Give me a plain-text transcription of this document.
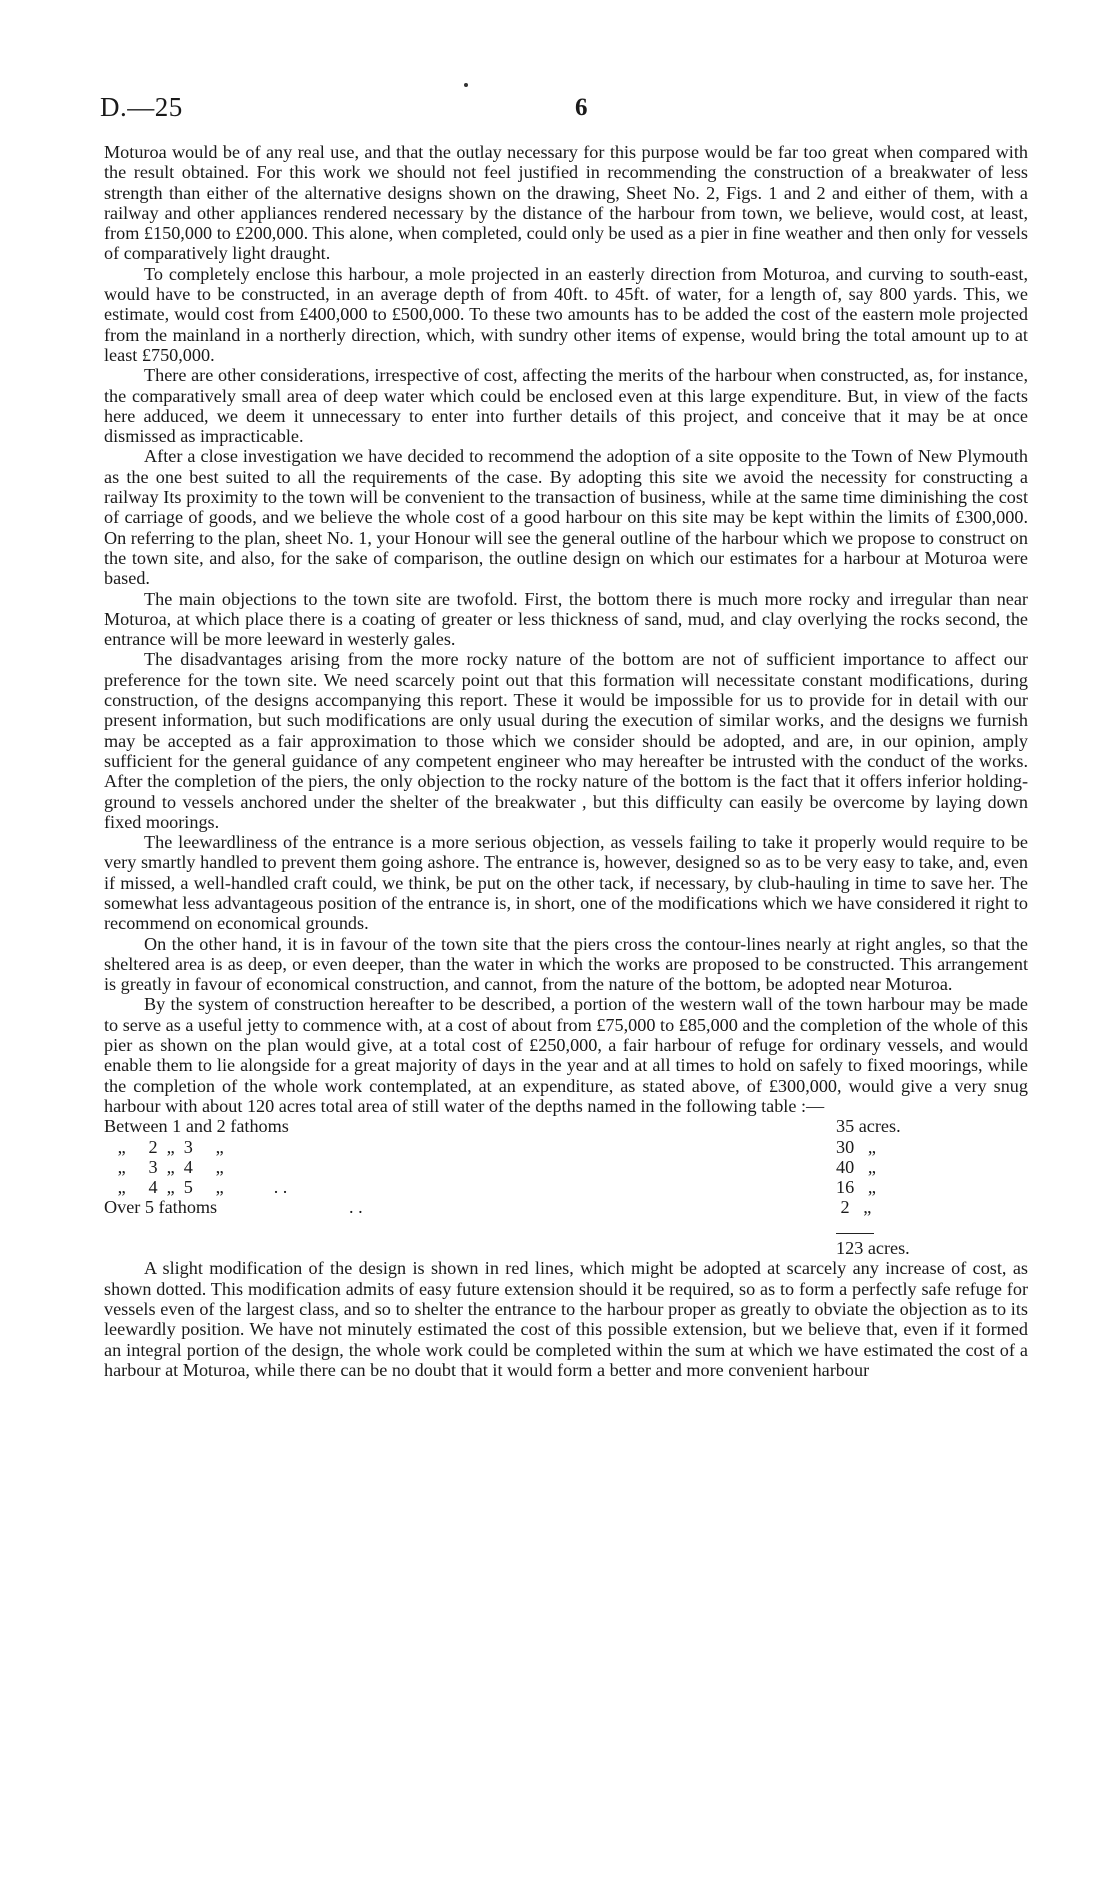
D.—25	6

Moturoa would be of any real use, and that the outlay necessary for this purpose would be far too great when compared with the result obtained. For this work we should not feel justified in recommending the construction of a breakwater of less strength than either of the alternative designs shown on the drawing, Sheet No. 2, Figs. 1 and 2 and either of them, with a railway and other appliances rendered necessary by the distance of the harbour from town, we believe, would cost, at least, from £150,000 to £200,000. This alone, when completed, could only be used as a pier in fine weather and then only for vessels of comparatively light draught.

To completely enclose this harbour, a mole projected in an easterly direction from Moturoa, and curving to south-east, would have to be constructed, in an average depth of from 40ft. to 45ft. of water, for a length of, say 800 yards. This, we estimate, would cost from £400,000 to £500,000. To these two amounts has to be added the cost of the eastern mole projected from the mainland in a northerly direction, which, with sundry other items of expense, would bring the total amount up to at least £750,000.

There are other considerations, irrespective of cost, affecting the merits of the harbour when constructed, as, for instance, the comparatively small area of deep water which could be enclosed even at this large expenditure. But, in view of the facts here adduced, we deem it unnecessary to enter into further details of this project, and conceive that it may be at once dismissed as impracticable.

After a close investigation we have decided to recommend the adoption of a site opposite to the Town of New Plymouth as the one best suited to all the requirements of the case. By adopting this site we avoid the necessity for constructing a railway Its proximity to the town will be convenient to the transaction of business, while at the same time diminishing the cost of carriage of goods, and we believe the whole cost of a good harbour on this site may be kept within the limits of £300,000. On referring to the plan, sheet No. 1, your Honour will see the general outline of the harbour which we propose to construct on the town site, and also, for the sake of comparison, the outline design on which our estimates for a harbour at Moturoa were based.

The main objections to the town site are twofold. First, the bottom there is much more rocky and irregular than near Moturoa, at which place there is a coating of greater or less thickness of sand, mud, and clay overlying the rocks second, the entrance will be more leeward in westerly gales.

The disadvantages arising from the more rocky nature of the bottom are not of sufficient importance to affect our preference for the town site. We need scarcely point out that this formation will necessitate constant modifications, during construction, of the designs accompanying this report. These it would be impossible for us to provide for in detail with our present information, but such modifications are only usual during the execution of similar works, and the designs we furnish may be accepted as a fair approximation to those which we consider should be adopted, and are, in our opinion, amply sufficient for the general guidance of any competent engineer who may hereafter be intrusted with the conduct of the works. After the completion of the piers, the only objection to the rocky nature of the bottom is the fact that it offers inferior holding-ground to vessels anchored under the shelter of the breakwater , but this difficulty can easily be overcome by laying down fixed moorings.

The leewardliness of the entrance is a more serious objection, as vessels failing to take it properly would require to be very smartly handled to prevent them going ashore. The entrance is, however, designed so as to be very easy to take, and, even if missed, a well-handled craft could, we think, be put on the other tack, if necessary, by club-hauling in time to save her. The somewhat less advantageous position of the entrance is, in short, one of the modifications which we have considered it right to recommend on economical grounds.

On the other hand, it is in favour of the town site that the piers cross the contour-lines nearly at right angles, so that the sheltered area is as deep, or even deeper, than the water in which the works are proposed to be constructed. This arrangement is greatly in favour of economical construction, and cannot, from the nature of the bottom, be adopted near Moturoa.

By the system of construction hereafter to be described, a portion of the western wall of the town harbour may be made to serve as a useful jetty to commence with, at a cost of about from £75,000 to £85,000 and the completion of the whole of this pier as shown on the plan would give, at a total cost of £250,000, a fair harbour of refuge for ordinary vessels, and would enable them to lie alongside for a great majority of days in the year and at all times to hold on safely to fixed moorings, while the completion of the whole work contemplated, at an expenditure, as stated above, of £300,000, would give a very snug harbour with about 120 acres total area of still water of the depths named in the following table :—

Between 1 and 2 fathoms	35 acres.	
„     2  „  3     „	30   „	
„     3  „  4     „	40   „	
„     4  „  5     „           . .	16   „	
Over 5 fathoms                             . .	2   „	

	123 acres.	

A slight modification of the design is shown in red lines, which might be adopted at scarcely any increase of cost, as shown dotted. This modification admits of easy future extension should it be required, so as to form a perfectly safe refuge for vessels even of the largest class, and so to shelter the entrance to the harbour proper as greatly to obviate the objection as to its leewardly position. We have not minutely estimated the cost of this possible extension, but we believe that, even if it formed an integral portion of the design, the whole work could be completed within the sum at which we have estimated the cost of a harbour at Moturoa, while there can be no doubt that it would form a better and more convenient harbour
